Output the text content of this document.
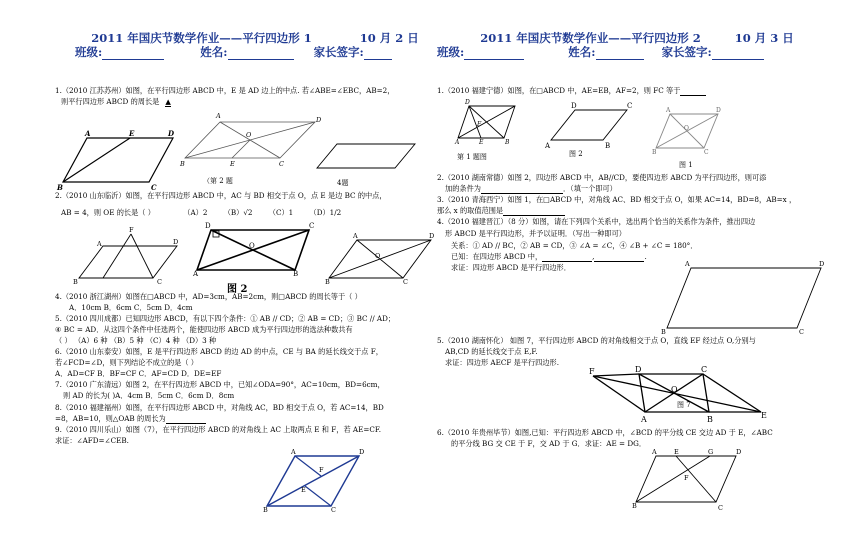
2011 年国庆节数学作业——平行四边形 1	10 月 2 日
班级:	姓名:	家长签字:
1.（2010 江苏苏州）如图，在平行四边形 ABCD 中，E 是 AD 边上的中点. 若∠ABE=∠EBC，AB=2，
则平行四边形 ABCD 的周长是 ▲
A	E	D
B	C
A	D
O
B	E	C
（第 2 题	4题
2.（2010 山东临沂）如图，在平行四边形 ABCD 中，AC 与 BD 相交于点 O，点 E 是边 BC 的中点，
AB = 4，则 OE 的长是（ ）	（A）2 （B）√2 （C）1 （D）1/2
F
A	D
B	C
D	C
O
A	B
图 2
A	D
O
B	C
4.（2010 浙江湖州）如图在□ABCD 中，AD=3cm，AB=2cm，则□ABCD 的周长等于（ ）
A．10cm B．6cm C．5cm D．4cm
5.（2010 四川成都）已知四边形 ABCD，有以下四个条件：① AB // CD；② AB = CD；③ BC // AD；
④ BC = AD．从这四个条件中任选两个，能使四边形 ABCD 成为平行四边形的选法种数共有
（ ） （A）6 种 （B）5 种 （C）4 种 （D）3 种
6.（2010 山东泰安）如图，E 是平行四边形 ABCD 的边 AD 的中点，CE 与 BA 的延长线交于点 F，
若∠FCD=∠D，则下列结论不成立的是（ ）
A．AD=CF B．BF=CF C．AF=CD D．DE=EF
7.（2010 广东清远）如图 2，在平行四边形 ABCD 中，已知∠ODA=90°，AC=10cm，BD=6cm，
则 AD 的长为( )A．4cm B．5cm C．6cm D．8cm
8.（2010 福建福州）如图，在平行四边形 ABCD 中，对角线 AC，BD 相交于点 O，若 AC=14，BD
=8，AB=10，则△OAB 的周长为
9.（2010 四川乐山）如图（7），在平行四边形 ABCD 的对角线上 AC 上取两点 E 和 F，若 AE=CF.
求证：∠AFD=∠CEB.
A	D
F
E
B	C
2011 年国庆节数学作业——平行四边形 2	10 月 3 日
班级:	姓名:	家长签字:
1.（2010 福建宁德）如图，在□ABCD 中，AE=EB，AF=2，则 FC 等于
D
F
A	E	B
第 1 题图
D	C
A	B
图 2
A	D
O
B	C
图 1
2.（2010 湖南常德）如图 2，四边形 ABCD 中，AB//CD，要使四边形 ABCD 为平行四边形，则可添
加的条件为	．（填一个即可）
3.（2010 青海西宁）如图 1，在□ABCD 中，对角线 AC、BD 相交于点 O，如果 AC=14，BD=8，AB=x ，
那么 x 的取值范围是
4.（2010 福建晋江）（8 分）如图，请在下列四个关系中，选出两个恰当的关系作为条件，推出四边
形 ABCD 是平行四边形，并予以证明．（写出一种即可）
关系：① AD // BC，② AB = CD，③ ∠A = ∠C，④ ∠B + ∠C = 180°．
已知：在四边形 ABCD 中，	,	.
求证：四边形 ABCD 是平行四边形．	A	D
B	C
5.（2010 湖南怀化） 如图 7，平行四边形 ABCD 的对角线相交于点 O，直线 EF 经过点 O,分别与
AB,CD 的延长线交于点 E,F.
求证：四边形 AECF 是平行四边形.
F	D	C
O
A	B	E
图 7
6.（2010 年贵州毕节）如图,已知：平行四边形 ABCD 中，∠BCD 的平分线 CE 交边 AD 于 E，∠ABC
的平分线 BG 交 CE 于 F，交 AD 于 G．求证：AE = DG．
A	E	G	D
F
B	C
